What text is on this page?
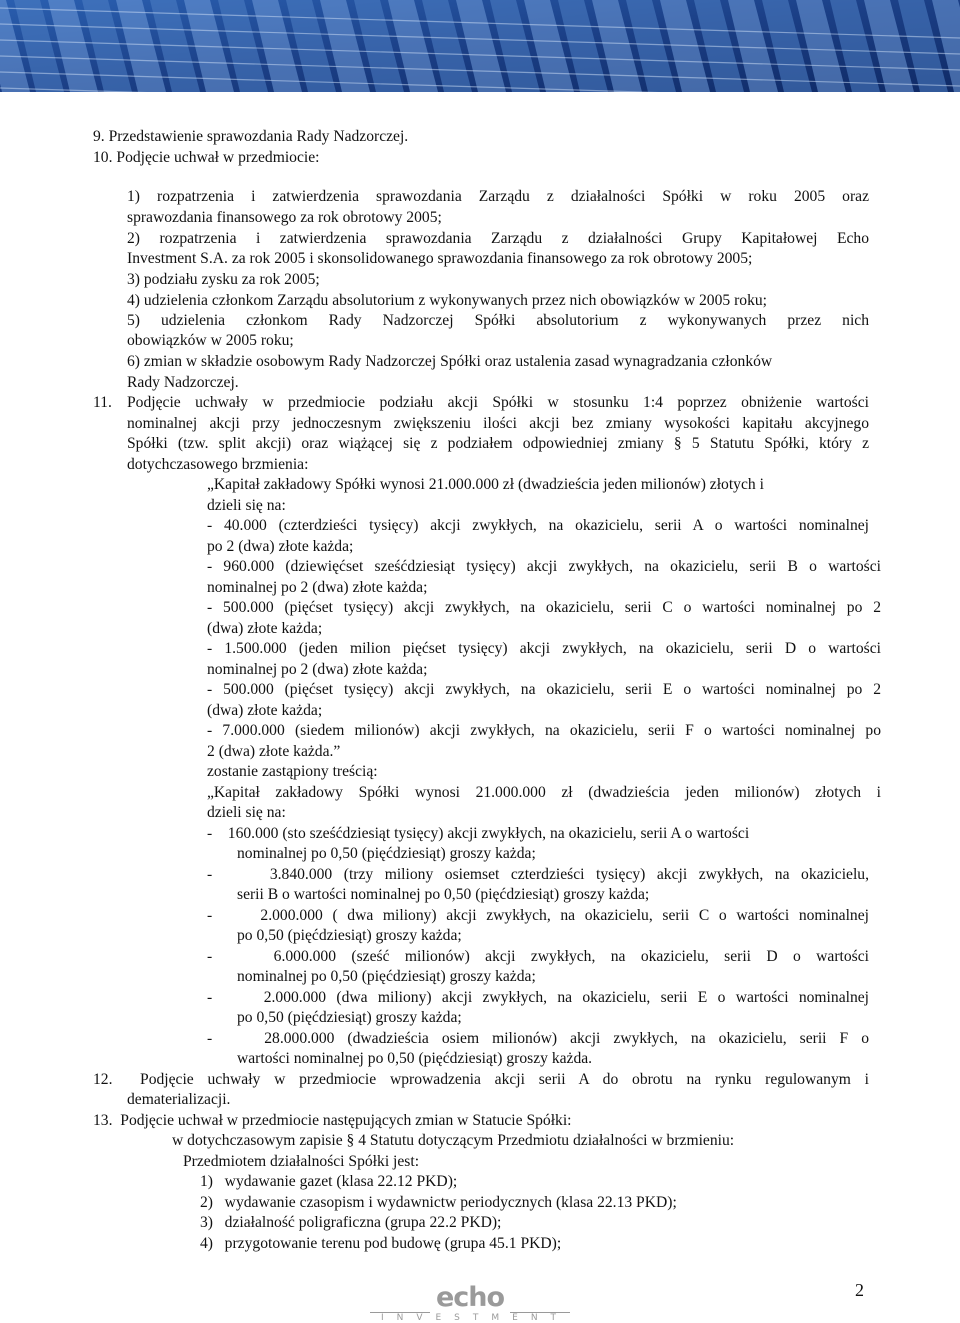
9. Przedstawienie sprawozdania Rady Nadzorczej.
10. Podjęcie uchwał w przedmiocie:
1) rozpatrzenia i zatwierdzenia sprawozdania Zarządu z działalności Spółki w roku 2005 oraz
sprawozdania finansowego za rok obrotowy 2005;
2) rozpatrzenia i zatwierdzenia sprawozdania Zarządu z działalności Grupy Kapitałowej Echo
Investment S.A. za rok 2005 i skonsolidowanego sprawozdania finansowego za rok obrotowy 2005;
3) podziału zysku za rok 2005;
4) udzielenia członkom Zarządu absolutorium z wykonywanych przez nich obowiązków w 2005 roku;
5) udzielenia członkom Rady Nadzorczej Spółki absolutorium z wykonywanych przez nich
obowiązków w 2005 roku;
6) zmian w składzie osobowym Rady Nadzorczej Spółki oraz ustalenia zasad wynagradzania członków
Rady Nadzorczej.
11. Podjęcie uchwały w przedmiocie podziału akcji Spółki w stosunku 1:4 poprzez obniżenie wartości
nominalnej akcji przy jednoczesnym zwiększeniu ilości akcji bez zmiany wysokości kapitału akcyjnego
Spółki (tzw. split akcji) oraz wiążącej się z podziałem odpowiedniej zmiany § 5 Statutu Spółki, który z
dotychczasowego brzmienia:
„Kapitał zakładowy Spółki wynosi 21.000.000 zł (dwadzieścia jeden milionów) złotych i
dzieli się na:
- 40.000 (czterdzieści tysięcy) akcji zwykłych, na okazicielu, serii A o wartości nominalnej
po 2 (dwa) złote każda;
- 960.000 (dziewięćset sześćdziesiąt tysięcy) akcji zwykłych, na okazicielu, serii B o wartości
nominalnej po 2 (dwa) złote każda;
- 500.000 (pięćset tysięcy) akcji zwykłych, na okazicielu, serii C o wartości nominalnej po 2
(dwa) złote każda;
- 1.500.000 (jeden milion pięćset tysięcy) akcji zwykłych, na okazicielu, serii D o wartości
nominalnej po 2 (dwa) złote każda;
- 500.000 (pięćset tysięcy) akcji zwykłych, na okazicielu, serii E o wartości nominalnej po 2
(dwa) złote każda;
- 7.000.000 (siedem milionów) akcji zwykłych, na okazicielu, serii F o wartości nominalnej po
2 (dwa) złote każda.”
zostanie zastąpiony treścią:
„Kapitał zakładowy Spółki wynosi 21.000.000 zł (dwadzieścia jeden milionów) złotych i
dzieli się na:
-    160.000 (sto sześćdziesiąt tysięcy) akcji zwykłych, na okazicielu, serii A o wartości
nominalnej po 0,50 (pięćdziesiąt) groszy każda;
-     3.840.000 (trzy miliony osiemset czterdzieści tysięcy) akcji zwykłych, na okazicielu,
serii B o wartości nominalnej po 0,50 (pięćdziesiąt) groszy każda;
-     2.000.000 ( dwa miliony) akcji zwykłych, na okazicielu, serii C o wartości nominalnej
po 0,50 (pięćdziesiąt) groszy każda;
-    6.000.000 (sześć milionów) akcji zwykłych, na okazicielu, serii D o wartości
nominalnej po 0,50 (pięćdziesiąt) groszy każda;
-     2.000.000 (dwa miliony) akcji zwykłych, na okazicielu, serii E o wartości nominalnej
po 0,50 (pięćdziesiąt) groszy każda;
-    28.000.000 (dwadzieścia osiem milionów) akcji zwykłych, na okazicielu, serii F o
wartości nominalnej po 0,50 (pięćdziesiąt) groszy każda.
12.  Podjęcie uchwały w przedmiocie wprowadzenia akcji serii A do obrotu na rynku regulowanym i
dematerializacji.
13.  Podjęcie uchwał w przedmiocie następujących zmian w Statucie Spółki:
w dotychczasowym zapisie § 4 Statutu dotyczącym Przedmiotu działalności w brzmieniu:
Przedmiotem działalności Spółki jest:
1)   wydawanie gazet (klasa 22.12 PKD);
2)   wydawanie czasopism i wydawnictw periodycznych (klasa 22.13 PKD);
3)   działalność poligraficzna (grupa 22.2 PKD);
4)   przygotowanie terenu pod budowę (grupa 45.1 PKD);
echo
INVESTMENT
2
